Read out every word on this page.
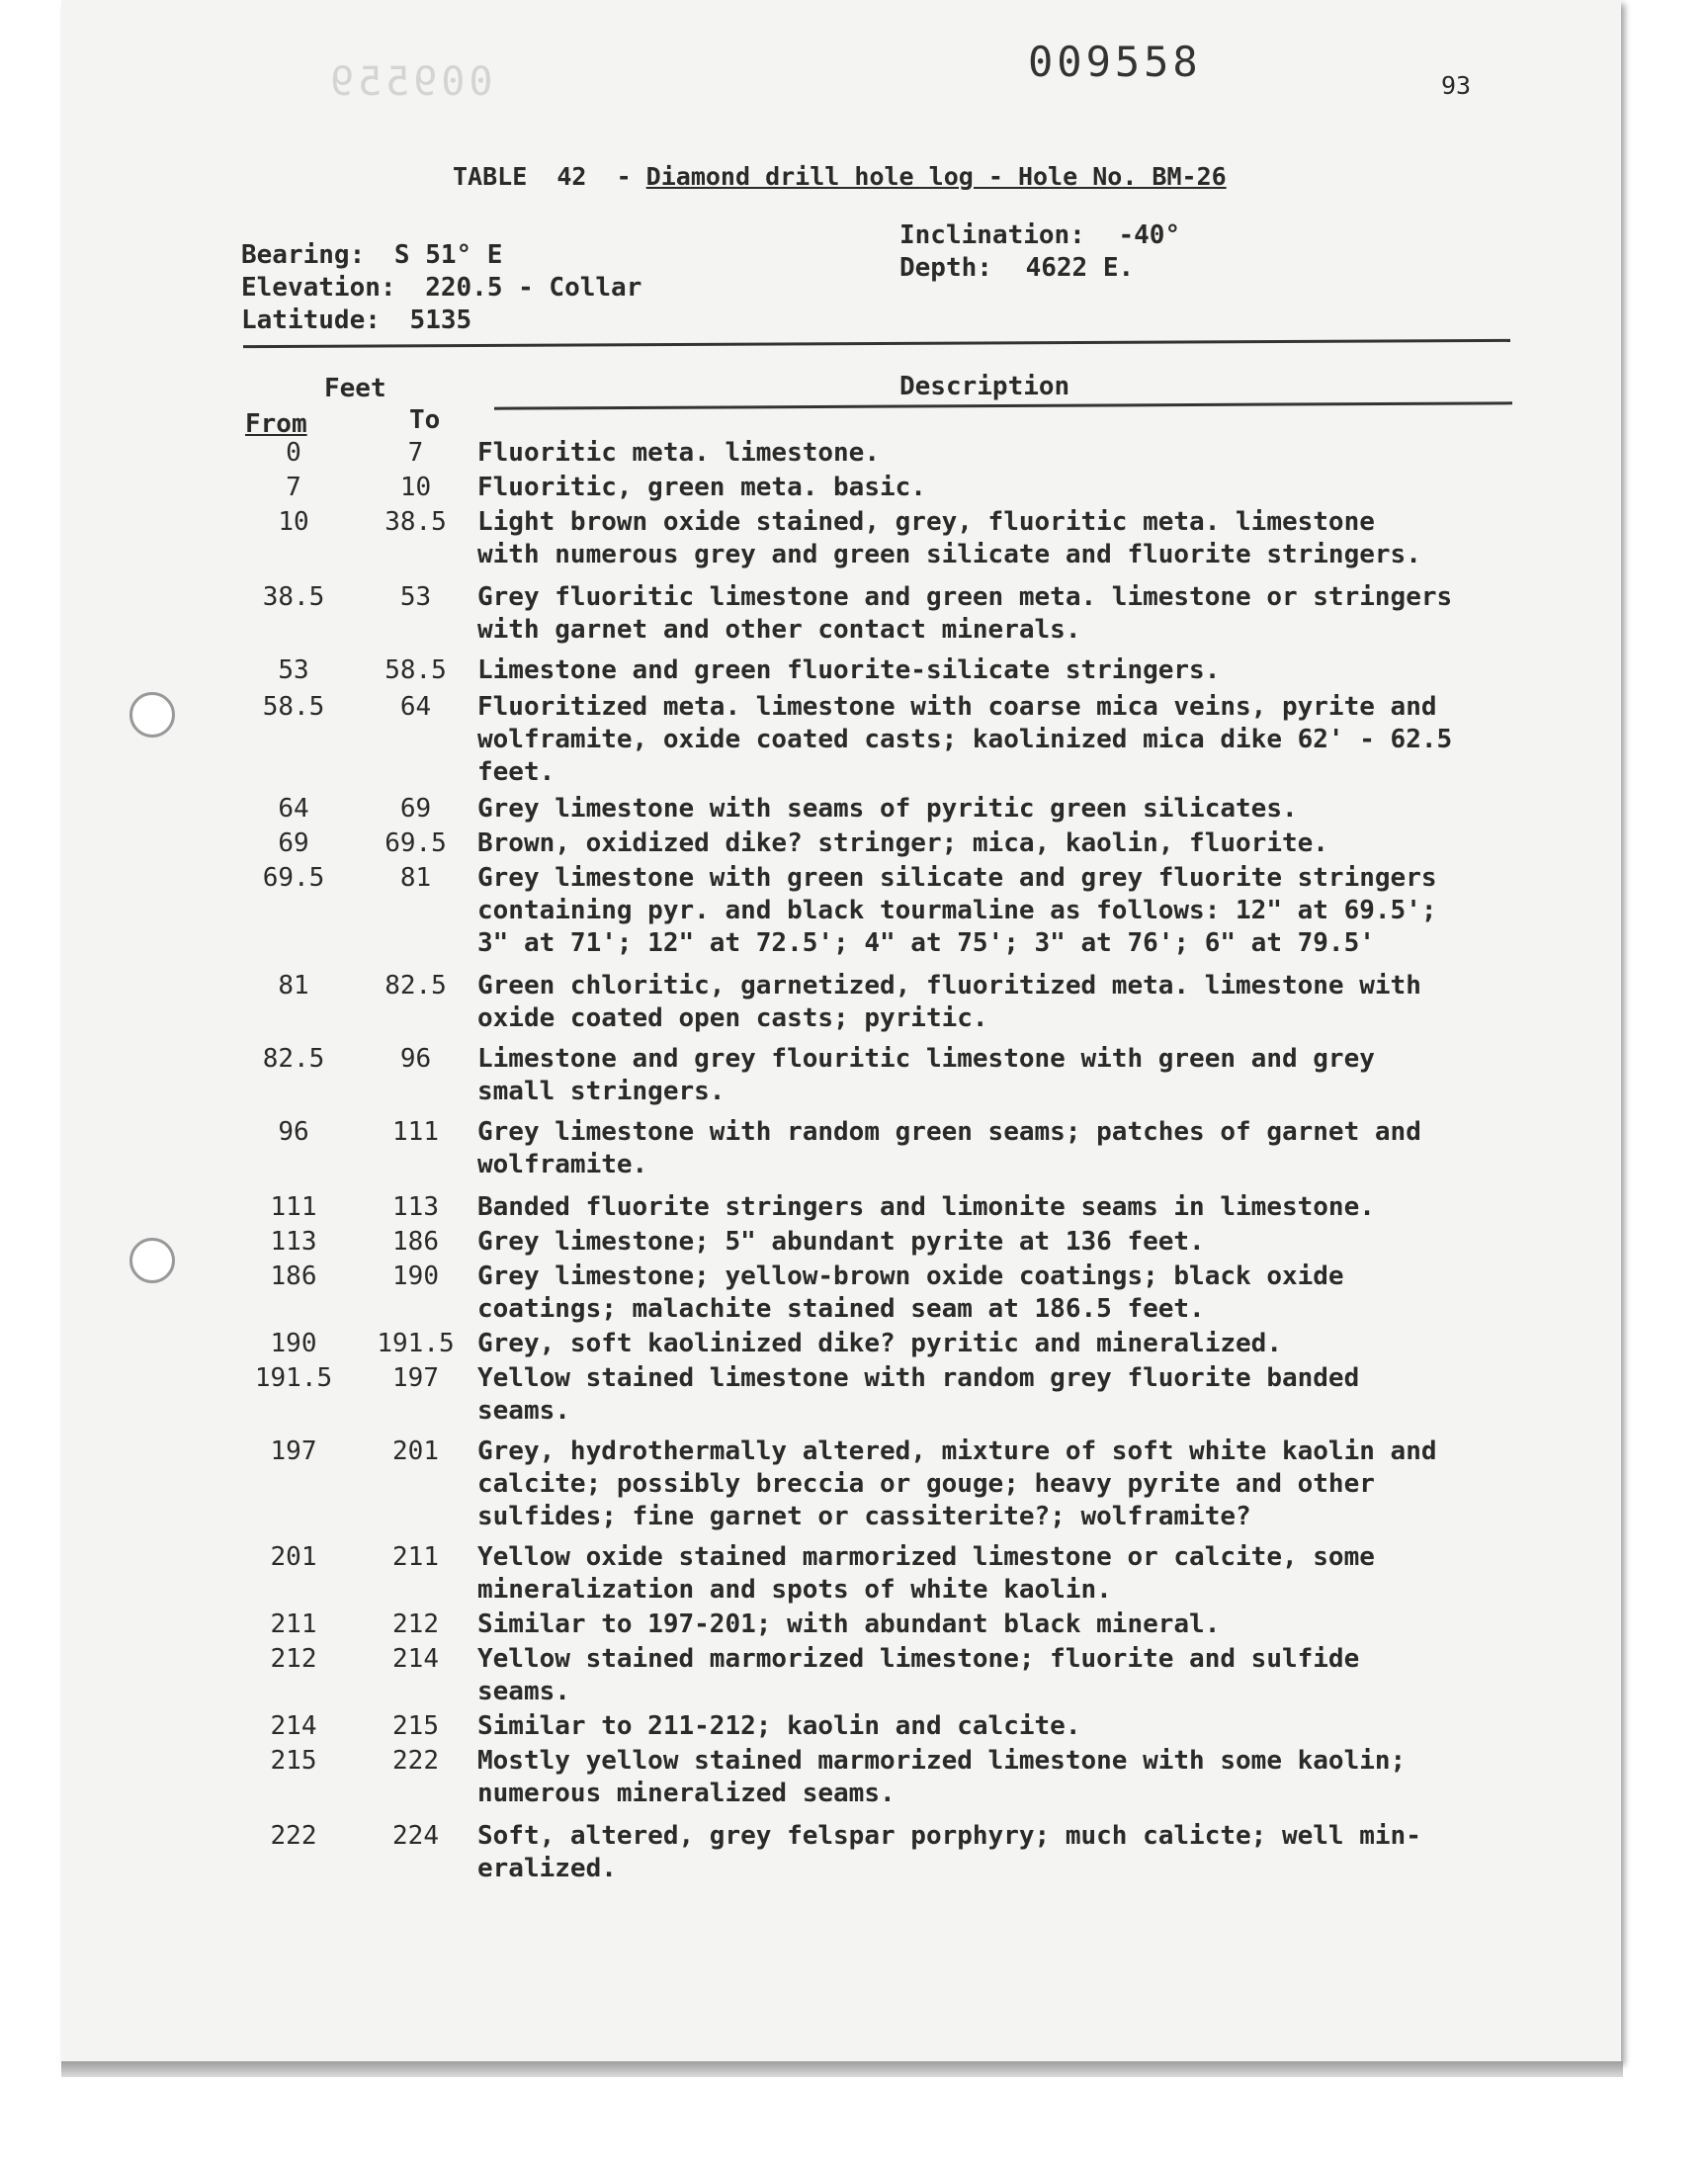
009559	009558	93
TABLE  42  - Diamond drill hole log - Hole No. BM-26
Bearing: S 51° E
Elevation: 220.5 - Collar
Latitude: 5135
Inclination: -40°
Depth: 4622 E.
Feet	Description
From	To
0	7	Fluoritic meta. limestone.
7	10	Fluoritic, green meta. basic.
10	38.5	Light brown oxide stained, grey, fluoritic meta. limestone
with numerous grey and green silicate and fluorite stringers.
38.5	53	Grey fluoritic limestone and green meta. limestone or stringers
with garnet and other contact minerals.
53	58.5	Limestone and green fluorite-silicate stringers.
58.5	64	Fluoritized meta. limestone with coarse mica veins, pyrite and
wolframite, oxide coated casts; kaolinized mica dike 62' - 62.5
feet.
64	69	Grey limestone with seams of pyritic green silicates.
69	69.5	Brown, oxidized dike? stringer; mica, kaolin, fluorite.
69.5	81	Grey limestone with green silicate and grey fluorite stringers
containing pyr. and black tourmaline as follows: 12" at 69.5';
3" at 71'; 12" at 72.5'; 4" at 75'; 3" at 76'; 6" at 79.5'
81	82.5	Green chloritic, garnetized, fluoritized meta. limestone with
oxide coated open casts; pyritic.
82.5	96	Limestone and grey flouritic limestone with green and grey
small stringers.
96	111	Grey limestone with random green seams; patches of garnet and
wolframite.
111	113	Banded fluorite stringers and limonite seams in limestone.
113	186	Grey limestone; 5" abundant pyrite at 136 feet.
186	190	Grey limestone; yellow-brown oxide coatings; black oxide
coatings; malachite stained seam at 186.5 feet.
190	191.5 Grey, soft kaolinized dike? pyritic and mineralized.
191.5	197	Yellow stained limestone with random grey fluorite banded
seams.
197	201	Grey, hydrothermally altered, mixture of soft white kaolin and
calcite; possibly breccia or gouge; heavy pyrite and other
sulfides; fine garnet or cassiterite?; wolframite?
201	211	Yellow oxide stained marmorized limestone or calcite, some
mineralization and spots of white kaolin.
211	212	Similar to 197-201; with abundant black mineral.
212	214	Yellow stained marmorized limestone; fluorite and sulfide
seams.
214	215	Similar to 211-212; kaolin and calcite.
215	222	Mostly yellow stained marmorized limestone with some kaolin;
numerous mineralized seams.
222	224	Soft, altered, grey felspar porphyry; much calicte; well min-
eralized.
